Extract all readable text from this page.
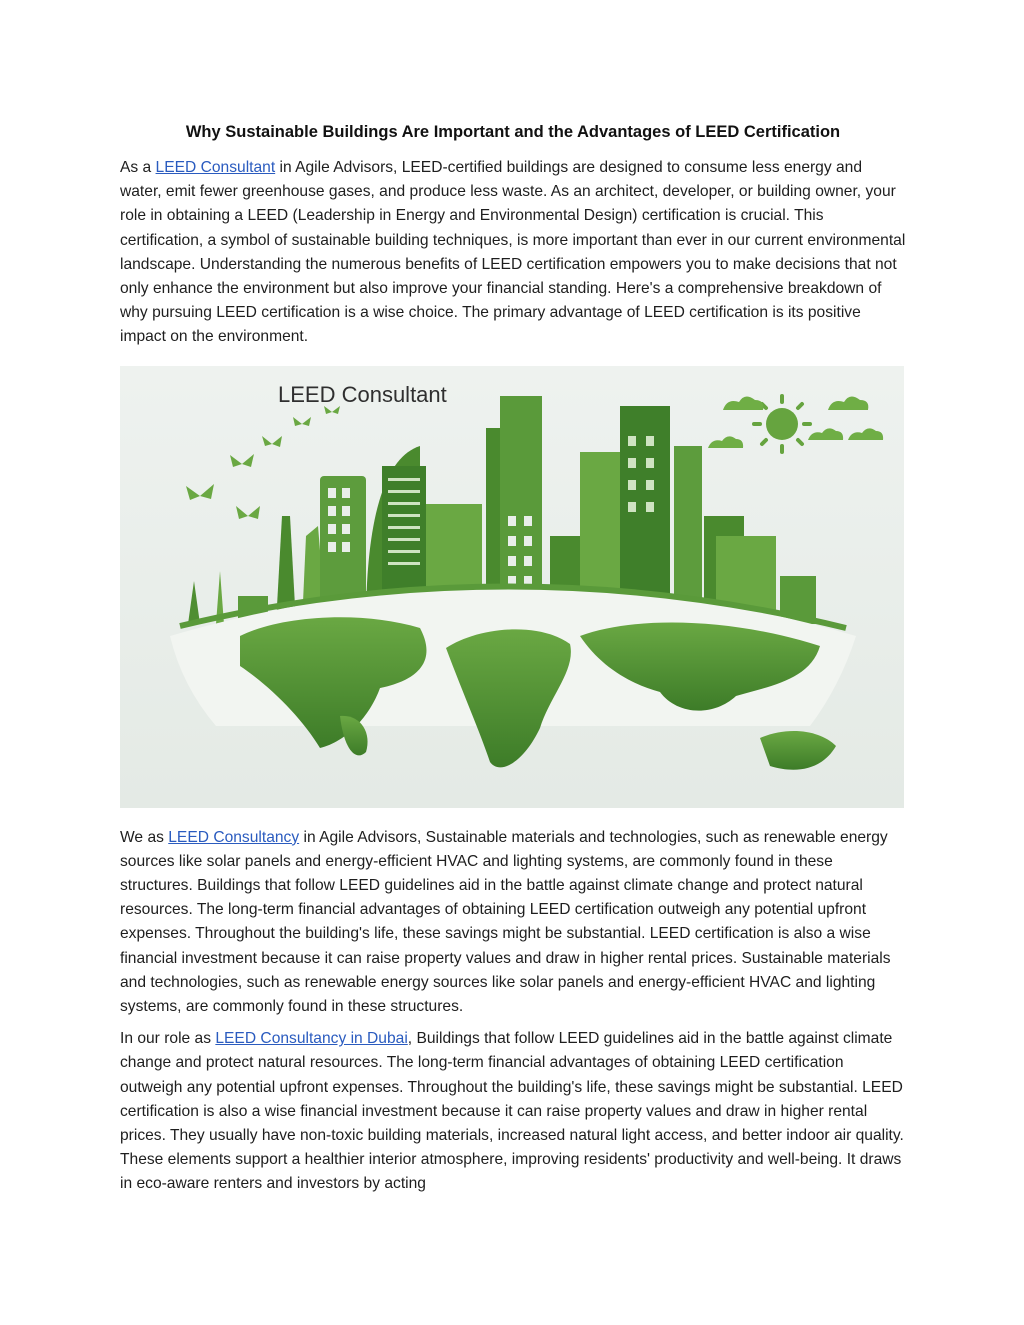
Why Sustainable Buildings Are Important and the Advantages of LEED Certification

As a LEED Consultant in Agile Advisors, LEED-certified buildings are designed to consume less energy and water, emit fewer greenhouse gases, and produce less waste. As an architect, developer, or building owner, your role in obtaining a LEED (Leadership in Energy and Environmental Design) certification is crucial. This certification, a symbol of sustainable building techniques, is more important than ever in our current environmental landscape. Understanding the numerous benefits of LEED certification empowers you to make decisions that not only enhance the environment but also improve your financial standing. Here's a comprehensive breakdown of why pursuing LEED certification is a wise choice. The primary advantage of LEED certification is its positive impact on the environment.

LEED Consultant

We as LEED Consultancy in Agile Advisors, Sustainable materials and technologies, such as renewable energy sources like solar panels and energy-efficient HVAC and lighting systems, are commonly found in these structures. Buildings that follow LEED guidelines aid in the battle against climate change and protect natural resources. The long-term financial advantages of obtaining LEED certification outweigh any potential upfront expenses. Throughout the building's life, these savings might be substantial. LEED certification is also a wise financial investment because it can raise property values and draw in higher rental prices. Sustainable materials and technologies, such as renewable energy sources like solar panels and energy-efficient HVAC and lighting systems, are commonly found in these structures.

In our role as LEED Consultancy in Dubai, Buildings that follow LEED guidelines aid in the battle against climate change and protect natural resources. The long-term financial advantages of obtaining LEED certification outweigh any potential upfront expenses. Throughout the building's life, these savings might be substantial. LEED certification is also a wise financial investment because it can raise property values and draw in higher rental prices. They usually have non-toxic building materials, increased natural light access, and better indoor air quality. These elements support a healthier interior atmosphere, improving residents' productivity and well-being. It draws in eco-aware renters and investors by acting
